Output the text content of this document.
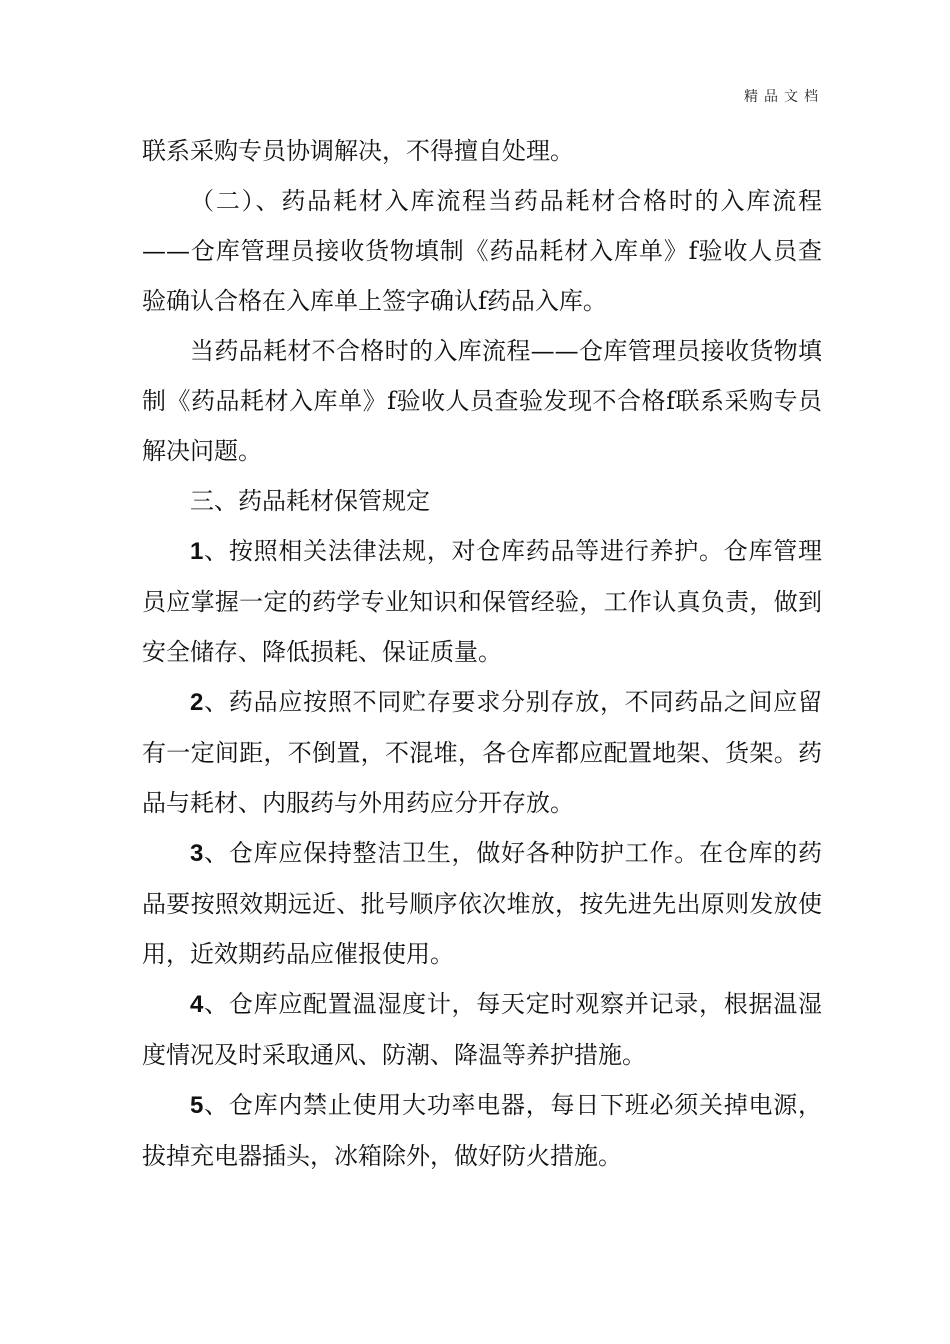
精品文档

联系采购专员协调解决，不得擅自处理。

（二）、药品耗材入库流程当药品耗材合格时的入库流程——仓库管理员接收货物填制《药品耗材入库单》f验收人员查验确认合格在入库单上签字确认f药品入库。

当药品耗材不合格时的入库流程——仓库管理员接收货物填制《药品耗材入库单》f验收人员查验发现不合格f联系采购专员解决问题。

三、药品耗材保管规定

1、按照相关法律法规，对仓库药品等进行养护。仓库管理员应掌握一定的药学专业知识和保管经验，工作认真负责，做到安全储存、降低损耗、保证质量。

2、药品应按照不同贮存要求分别存放，不同药品之间应留有一定间距，不倒置，不混堆，各仓库都应配置地架、货架。药品与耗材、内服药与外用药应分开存放。

3、仓库应保持整洁卫生，做好各种防护工作。在仓库的药品要按照效期远近、批号顺序依次堆放，按先进先出原则发放使用，近效期药品应催报使用。

4、仓库应配置温湿度计，每天定时观察并记录，根据温湿度情况及时采取通风、防潮、降温等养护措施。

5、仓库内禁止使用大功率电器，每日下班必须关掉电源，拔掉充电器插头，冰箱除外，做好防火措施。
